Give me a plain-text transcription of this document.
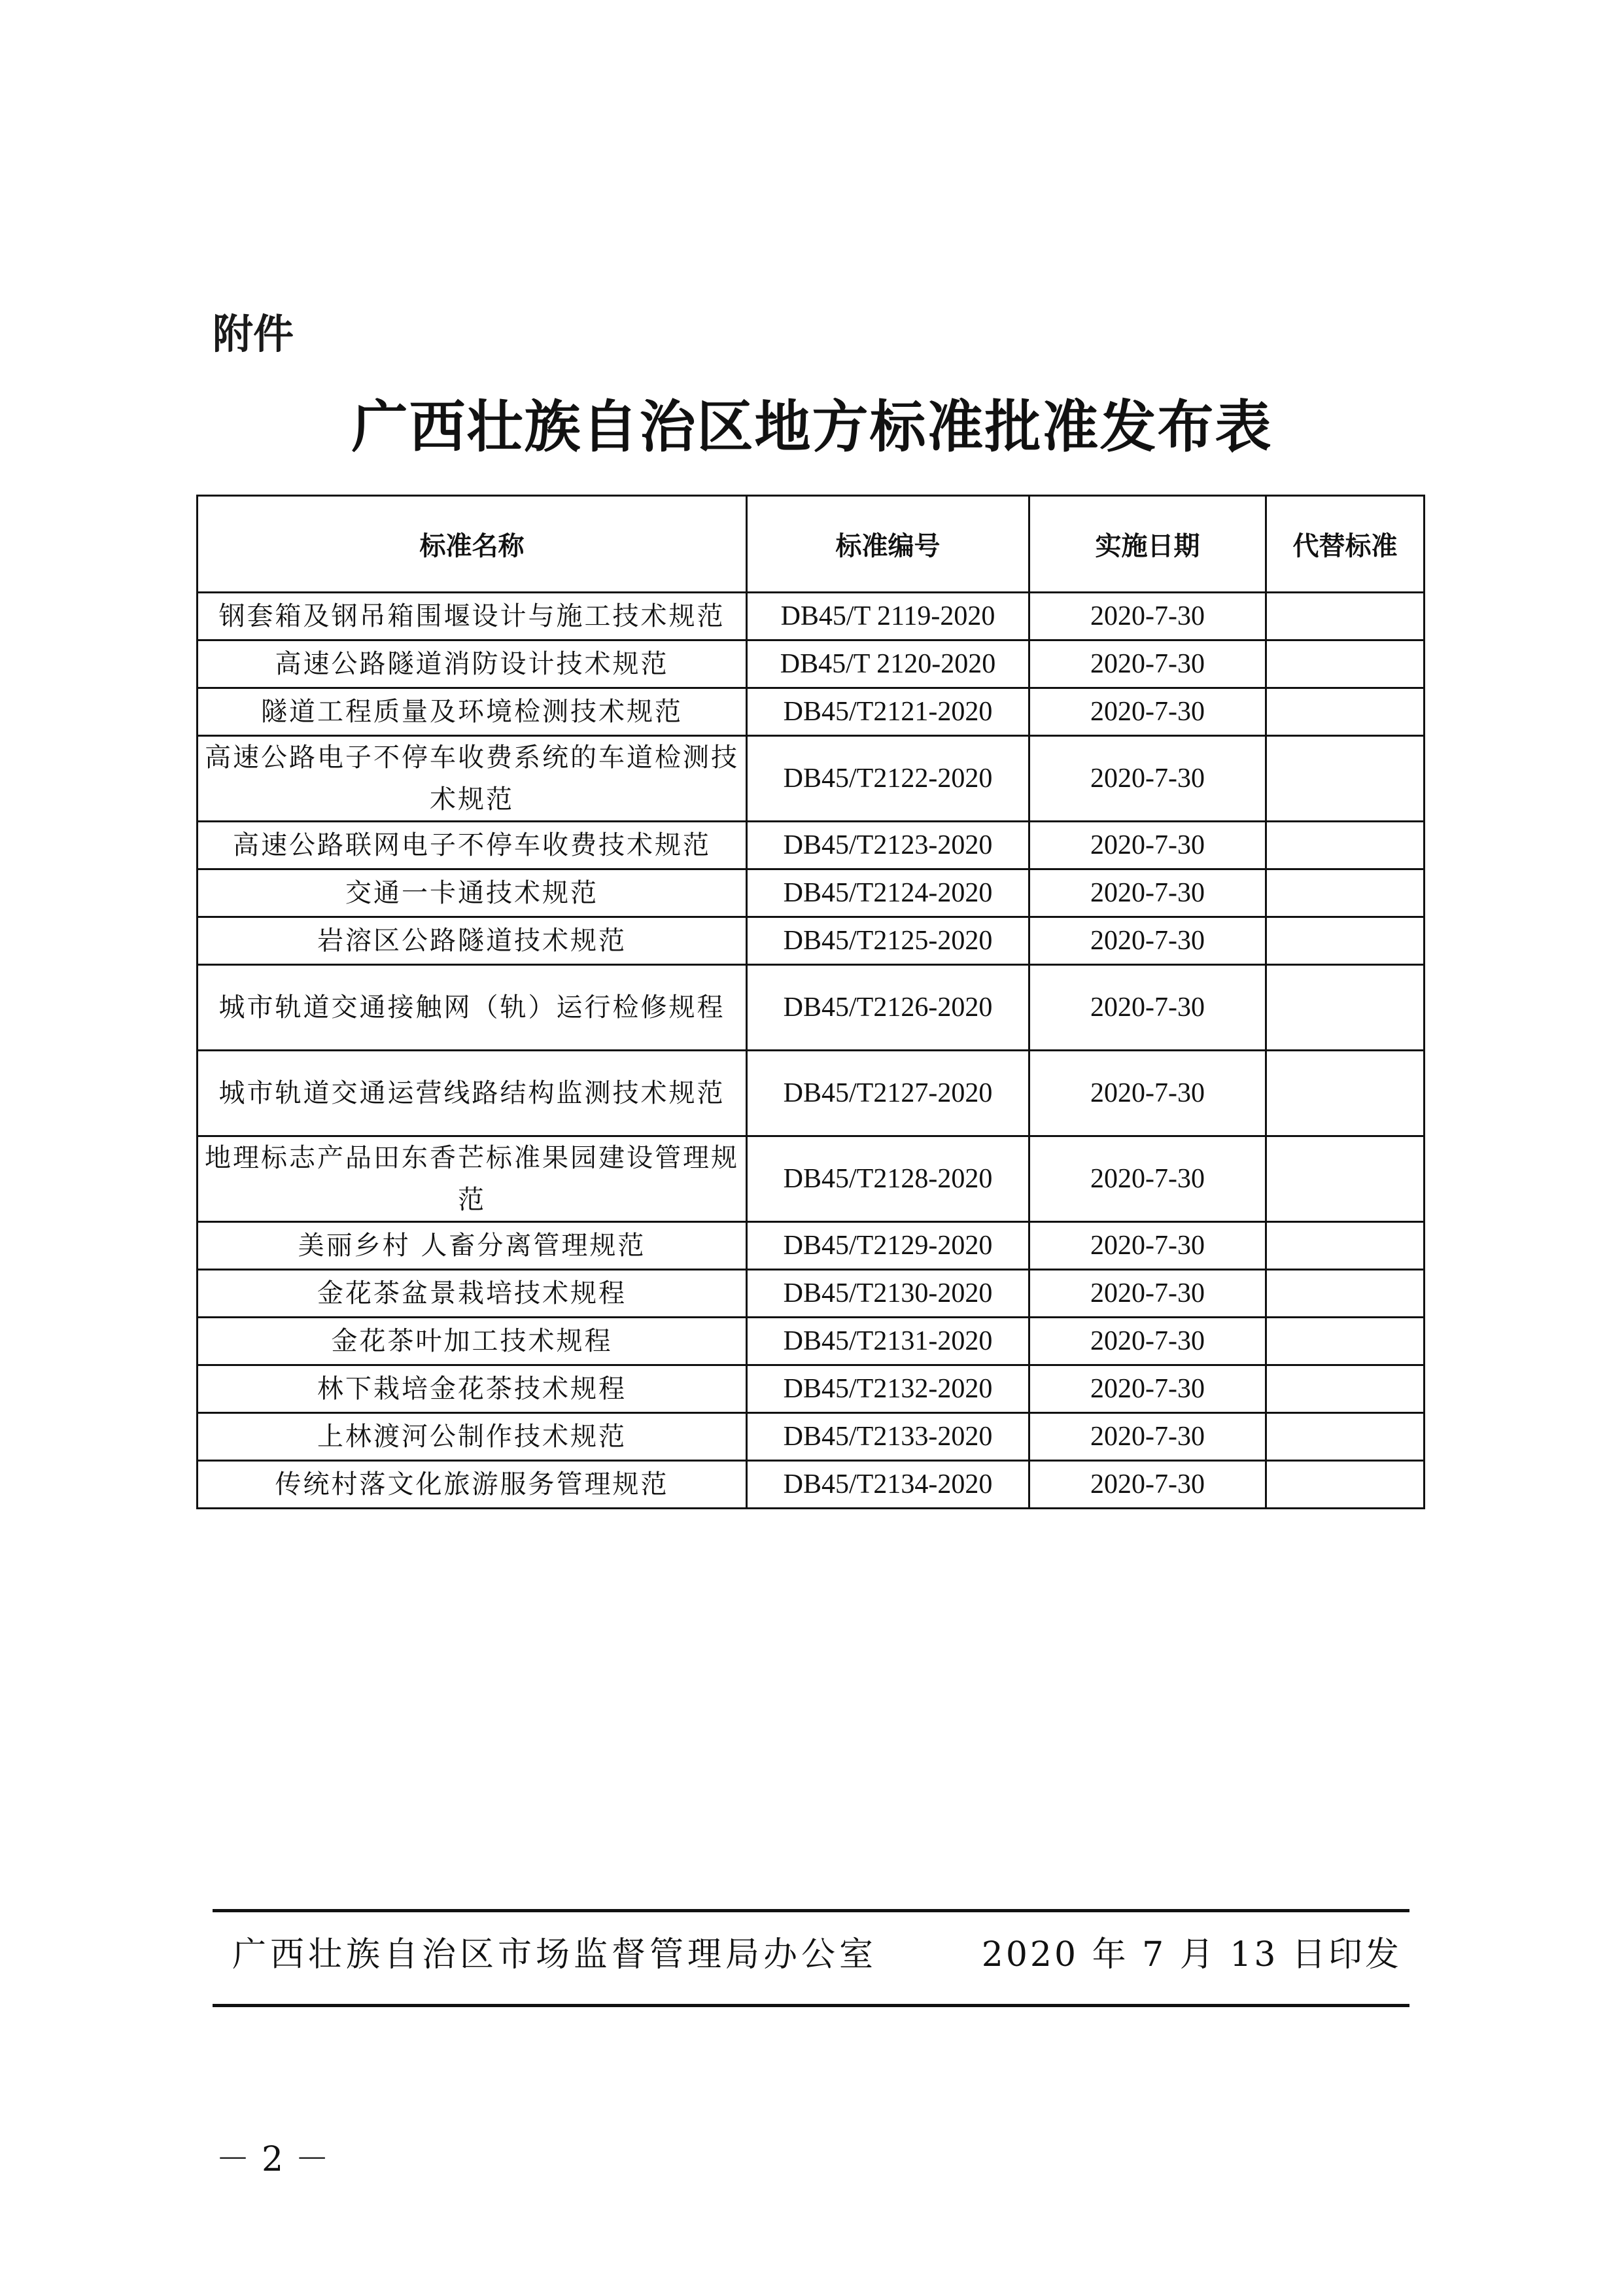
附件
广西壮族自治区地方标准批准发布表
标准名称	标准编号	实施日期	代替标准
钢套箱及钢吊箱围堰设计与施工技术规范	DB45/T 2119-2020	2020-7-30	
高速公路隧道消防设计技术规范	DB45/T 2120-2020	2020-7-30	
隧道工程质量及环境检测技术规范	DB45/T2121-2020	2020-7-30	
高速公路电子不停车收费系统的车道检测技术规范	DB45/T2122-2020	2020-7-30	
高速公路联网电子不停车收费技术规范	DB45/T2123-2020	2020-7-30	
交通一卡通技术规范	DB45/T2124-2020	2020-7-30	
岩溶区公路隧道技术规范	DB45/T2125-2020	2020-7-30	
城市轨道交通接触网（轨）运行检修规程	DB45/T2126-2020	2020-7-30	
城市轨道交通运营线路结构监测技术规范	DB45/T2127-2020	2020-7-30	
地理标志产品田东香芒标准果园建设管理规范	DB45/T2128-2020	2020-7-30	
美丽乡村 人畜分离管理规范	DB45/T2129-2020	2020-7-30	
金花茶盆景栽培技术规程	DB45/T2130-2020	2020-7-30	
金花茶叶加工技术规程	DB45/T2131-2020	2020-7-30	
林下栽培金花茶技术规程	DB45/T2132-2020	2020-7-30	
上林渡河公制作技术规范	DB45/T2133-2020	2020-7-30	
传统村落文化旅游服务管理规范	DB45/T2134-2020	2020-7-30	
广西壮族自治区市场监督管理局办公室	2020 年 7 月 13 日印发
－2－
